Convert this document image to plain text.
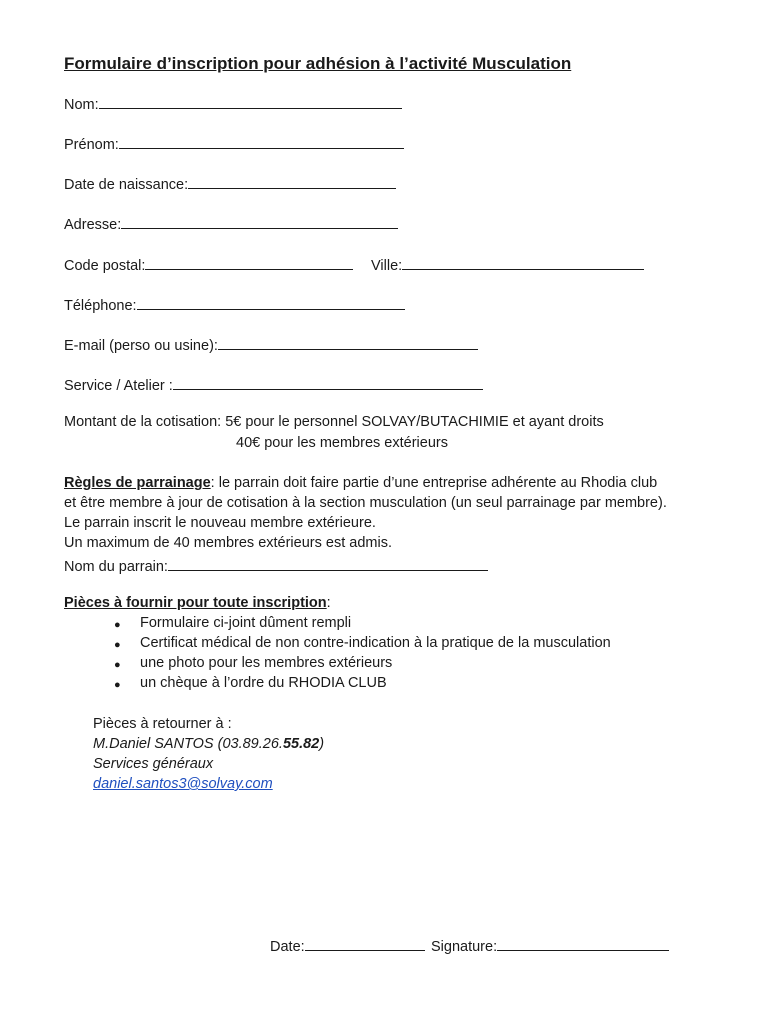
Formulaire d’inscription pour adhésion à l’activité Musculation
Nom:
Prénom:
Date de naissance:
Adresse:
Code postal:	Ville:
Téléphone:
E-mail (perso ou usine):
Service / Atelier :
Montant de la cotisation: 5€ pour le personnel SOLVAY/BUTACHIMIE et ayant droits
40€ pour les membres extérieurs
Règles de parrainage: le parrain doit faire partie d’une entreprise adhérente au Rhodia club
et être membre à jour de cotisation à la section musculation (un seul parrainage par membre).
Le parrain inscrit le nouveau membre extérieure.
Un maximum de 40 membres extérieurs est admis.
Nom du parrain:
Pièces à fournir pour toute inscription:
● Formulaire ci-joint dûment rempli
● Certificat médical de non contre-indication à la pratique de la musculation
● une photo pour les membres extérieurs
● un chèque à l’ordre du RHODIA CLUB
Pièces à retourner à :
M.Daniel SANTOS (03.89.26.55.82)
Services généraux
daniel.santos3@solvay.com
Date:	Signature:
